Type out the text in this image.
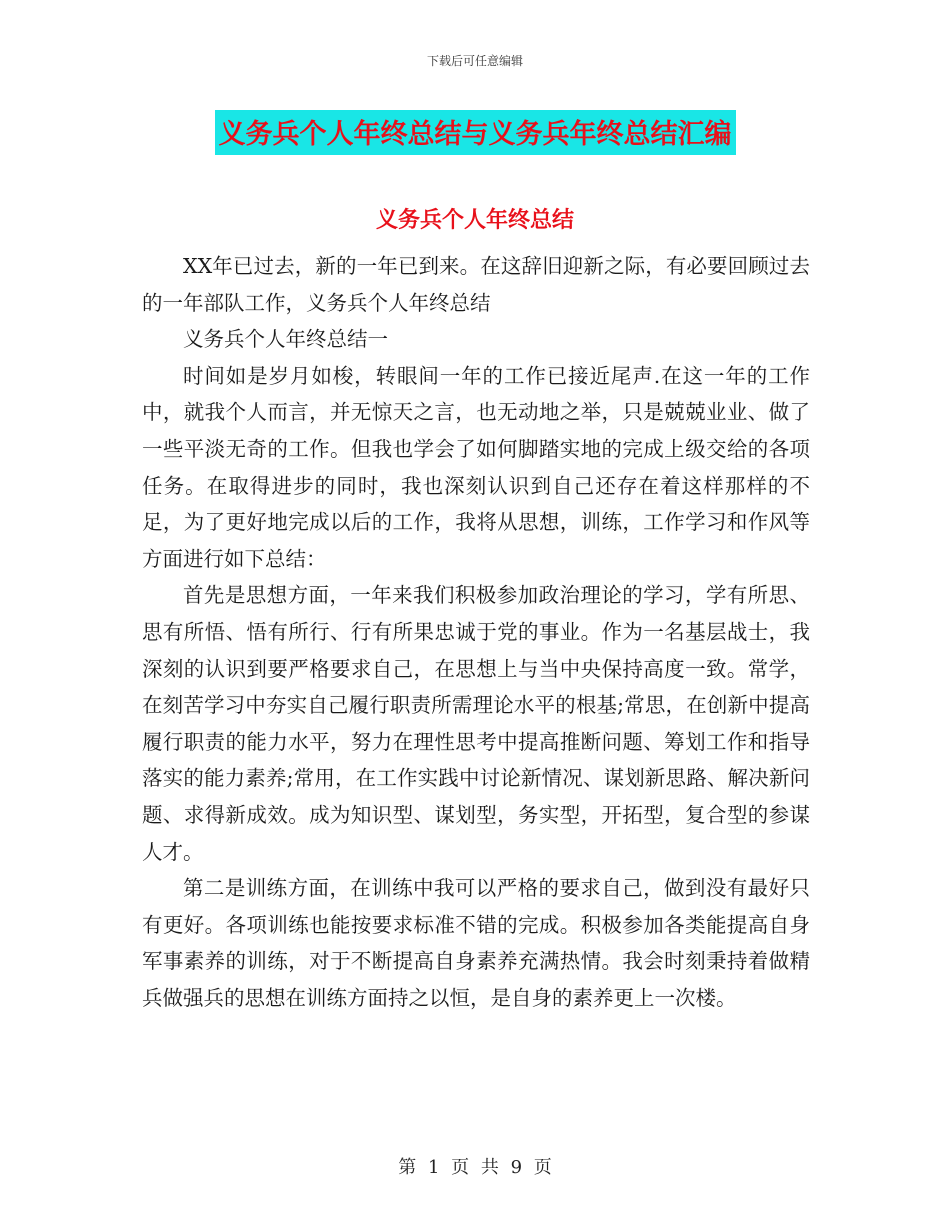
下载后可任意编辑
义务兵个人年终总结与义务兵年终总结汇编
义务兵个人年终总结

XX年已过去，新的一年已到来。在这辞旧迎新之际，有必要回顾过去的一年部队工作，义务兵个人年终总结

义务兵个人年终总结一

时间如是岁月如梭，转眼间一年的工作已接近尾声.在这一年的工作中，就我个人而言，并无惊天之言，也无动地之举，只是兢兢业业、做了一些平淡无奇的工作。但我也学会了如何脚踏实地的完成上级交给的各项任务。在取得进步的同时，我也深刻认识到自己还存在着这样那样的不足，为了更好地完成以后的工作，我将从思想，训练，工作学习和作风等方面进行如下总结：

首先是思想方面，一年来我们积极参加政治理论的学习，学有所思、思有所悟、悟有所行、行有所果忠诚于党的事业。作为一名基层战士，我深刻的认识到要严格要求自己，在思想上与当中央保持高度一致。常学，在刻苦学习中夯实自己履行职责所需理论水平的根基;常思，在创新中提高履行职责的能力水平，努力在理性思考中提高推断问题、筹划工作和指导落实的能力素养;常用，在工作实践中讨论新情况、谋划新思路、解决新问题、求得新成效。成为知识型、谋划型，务实型，开拓型，复合型的参谋人才。

第二是训练方面，在训练中我可以严格的要求自己，做到没有最好只有更好。各项训练也能按要求标准不错的完成。积极参加各类能提高自身军事素养的训练，对于不断提高自身素养充满热情。我会时刻秉持着做精兵做强兵的思想在训练方面持之以恒，是自身的素养更上一次楼。

第 1 页 共 9 页
